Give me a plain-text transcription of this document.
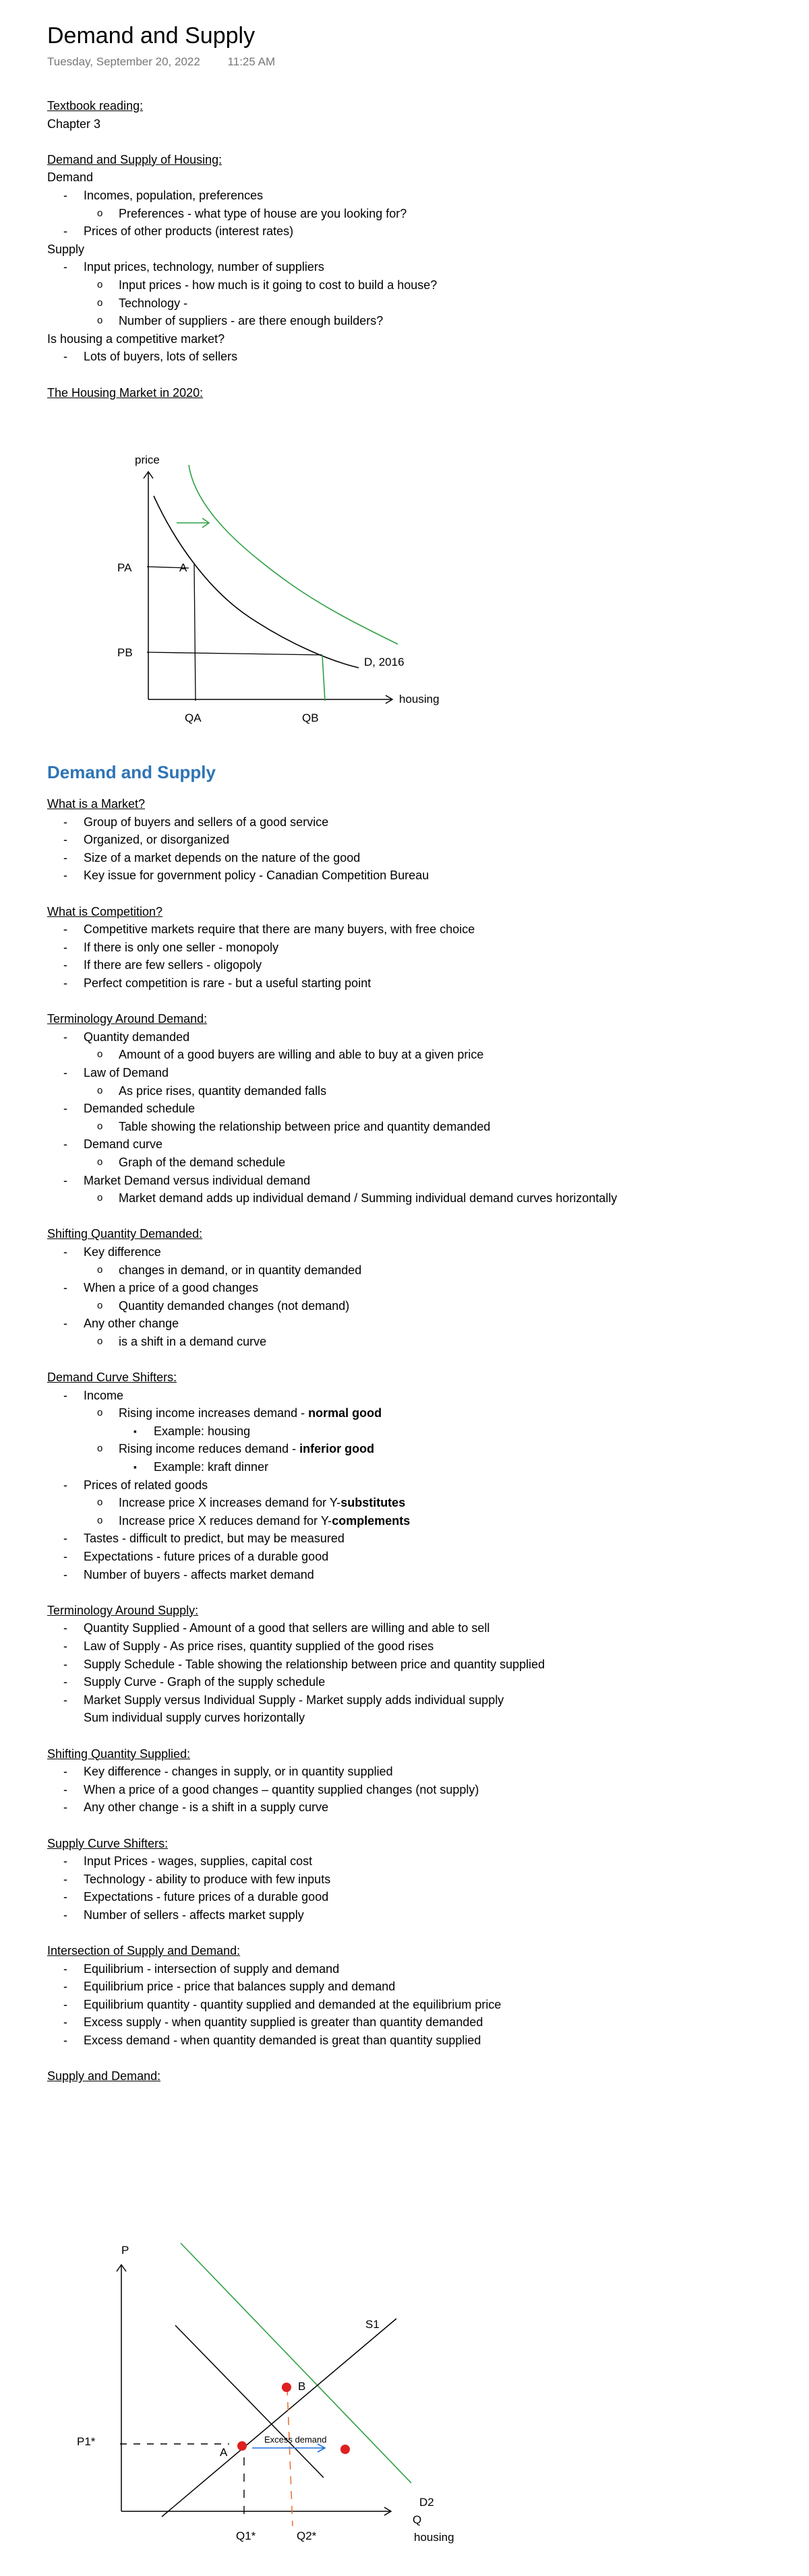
Demand and Supply
Tuesday, September 20, 2022 11:25 AM
Textbook reading:
Chapter 3
Demand and Supply of Housing:
Demand
- Incomes, population, preferences
o Preferences - what type of house are you looking for?
- Prices of other products (interest rates)
Supply
- Input prices, technology, number of suppliers
o Input prices - how much is it going to cost to build a house?
o Technology -
o Number of suppliers - are there enough builders?
Is housing a competitive market?
- Lots of buyers, lots of sellers
The Housing Market in 2020:
price
PA	A
PB
QA	QB
D, 2016
housing
Demand and Supply
What is a Market?
- Group of buyers and sellers of a good service
- Organized, or disorganized
- Size of a market depends on the nature of the good
- Key issue for government policy - Canadian Competition Bureau
What is Competition?
- Competitive markets require that there are many buyers, with free choice
- If there is only one seller - monopoly
- If there are few sellers - oligopoly
- Perfect competition is rare - but a useful starting point
Terminology Around Demand:
- Quantity demanded
o Amount of a good buyers are willing and able to buy at a given price
- Law of Demand
o As price rises, quantity demanded falls
- Demanded schedule
o Table showing the relationship between price and quantity demanded
- Demand curve
o Graph of the demand schedule
- Market Demand versus individual demand
o Market demand adds up individual demand / Summing individual demand curves horizontally
Shifting Quantity Demanded:
- Key difference
o changes in demand, or in quantity demanded
- When a price of a good changes
o Quantity demanded changes (not demand)
- Any other change
o is a shift in a demand curve
Demand Curve Shifters:
- Income
o Rising income increases demand - normal good
▪ Example: housing
o Rising income reduces demand - inferior good
▪ Example: kraft dinner
- Prices of related goods
o Increase price X increases demand for Y-substitutes
o Increase price X reduces demand for Y-complements
- Tastes - difficult to predict, but may be measured
- Expectations - future prices of a durable good
- Number of buyers - affects market demand
Terminology Around Supply:
- Quantity Supplied - Amount of a good that sellers are willing and able to sell
- Law of Supply - As price rises, quantity supplied of the good rises
- Supply Schedule - Table showing the relationship between price and quantity supplied
- Supply Curve - Graph of the supply schedule
- Market Supply versus Individual Supply - Market supply adds individual supply
Sum individual supply curves horizontally
Shifting Quantity Supplied:
- Key difference - changes in supply, or in quantity supplied
- When a price of a good changes – quantity supplied changes (not supply)
- Any other change - is a shift in a supply curve
Supply Curve Shifters:
- Input Prices - wages, supplies, capital cost
- Technology - ability to produce with few inputs
- Expectations - future prices of a durable good
- Number of sellers - affects market supply
Intersection of Supply and Demand:
- Equilibrium - intersection of supply and demand
- Equilibrium price - price that balances supply and demand
- Equilibrium quantity - quantity supplied and demanded at the equilibrium price
- Excess supply - when quantity supplied is greater than quantity demanded
- Excess demand - when quantity demanded is great than quantity supplied
Supply and Demand:
P
S1
B
P1*
A
Excess demand
D2
Q
housing
Q1*	Q2*
